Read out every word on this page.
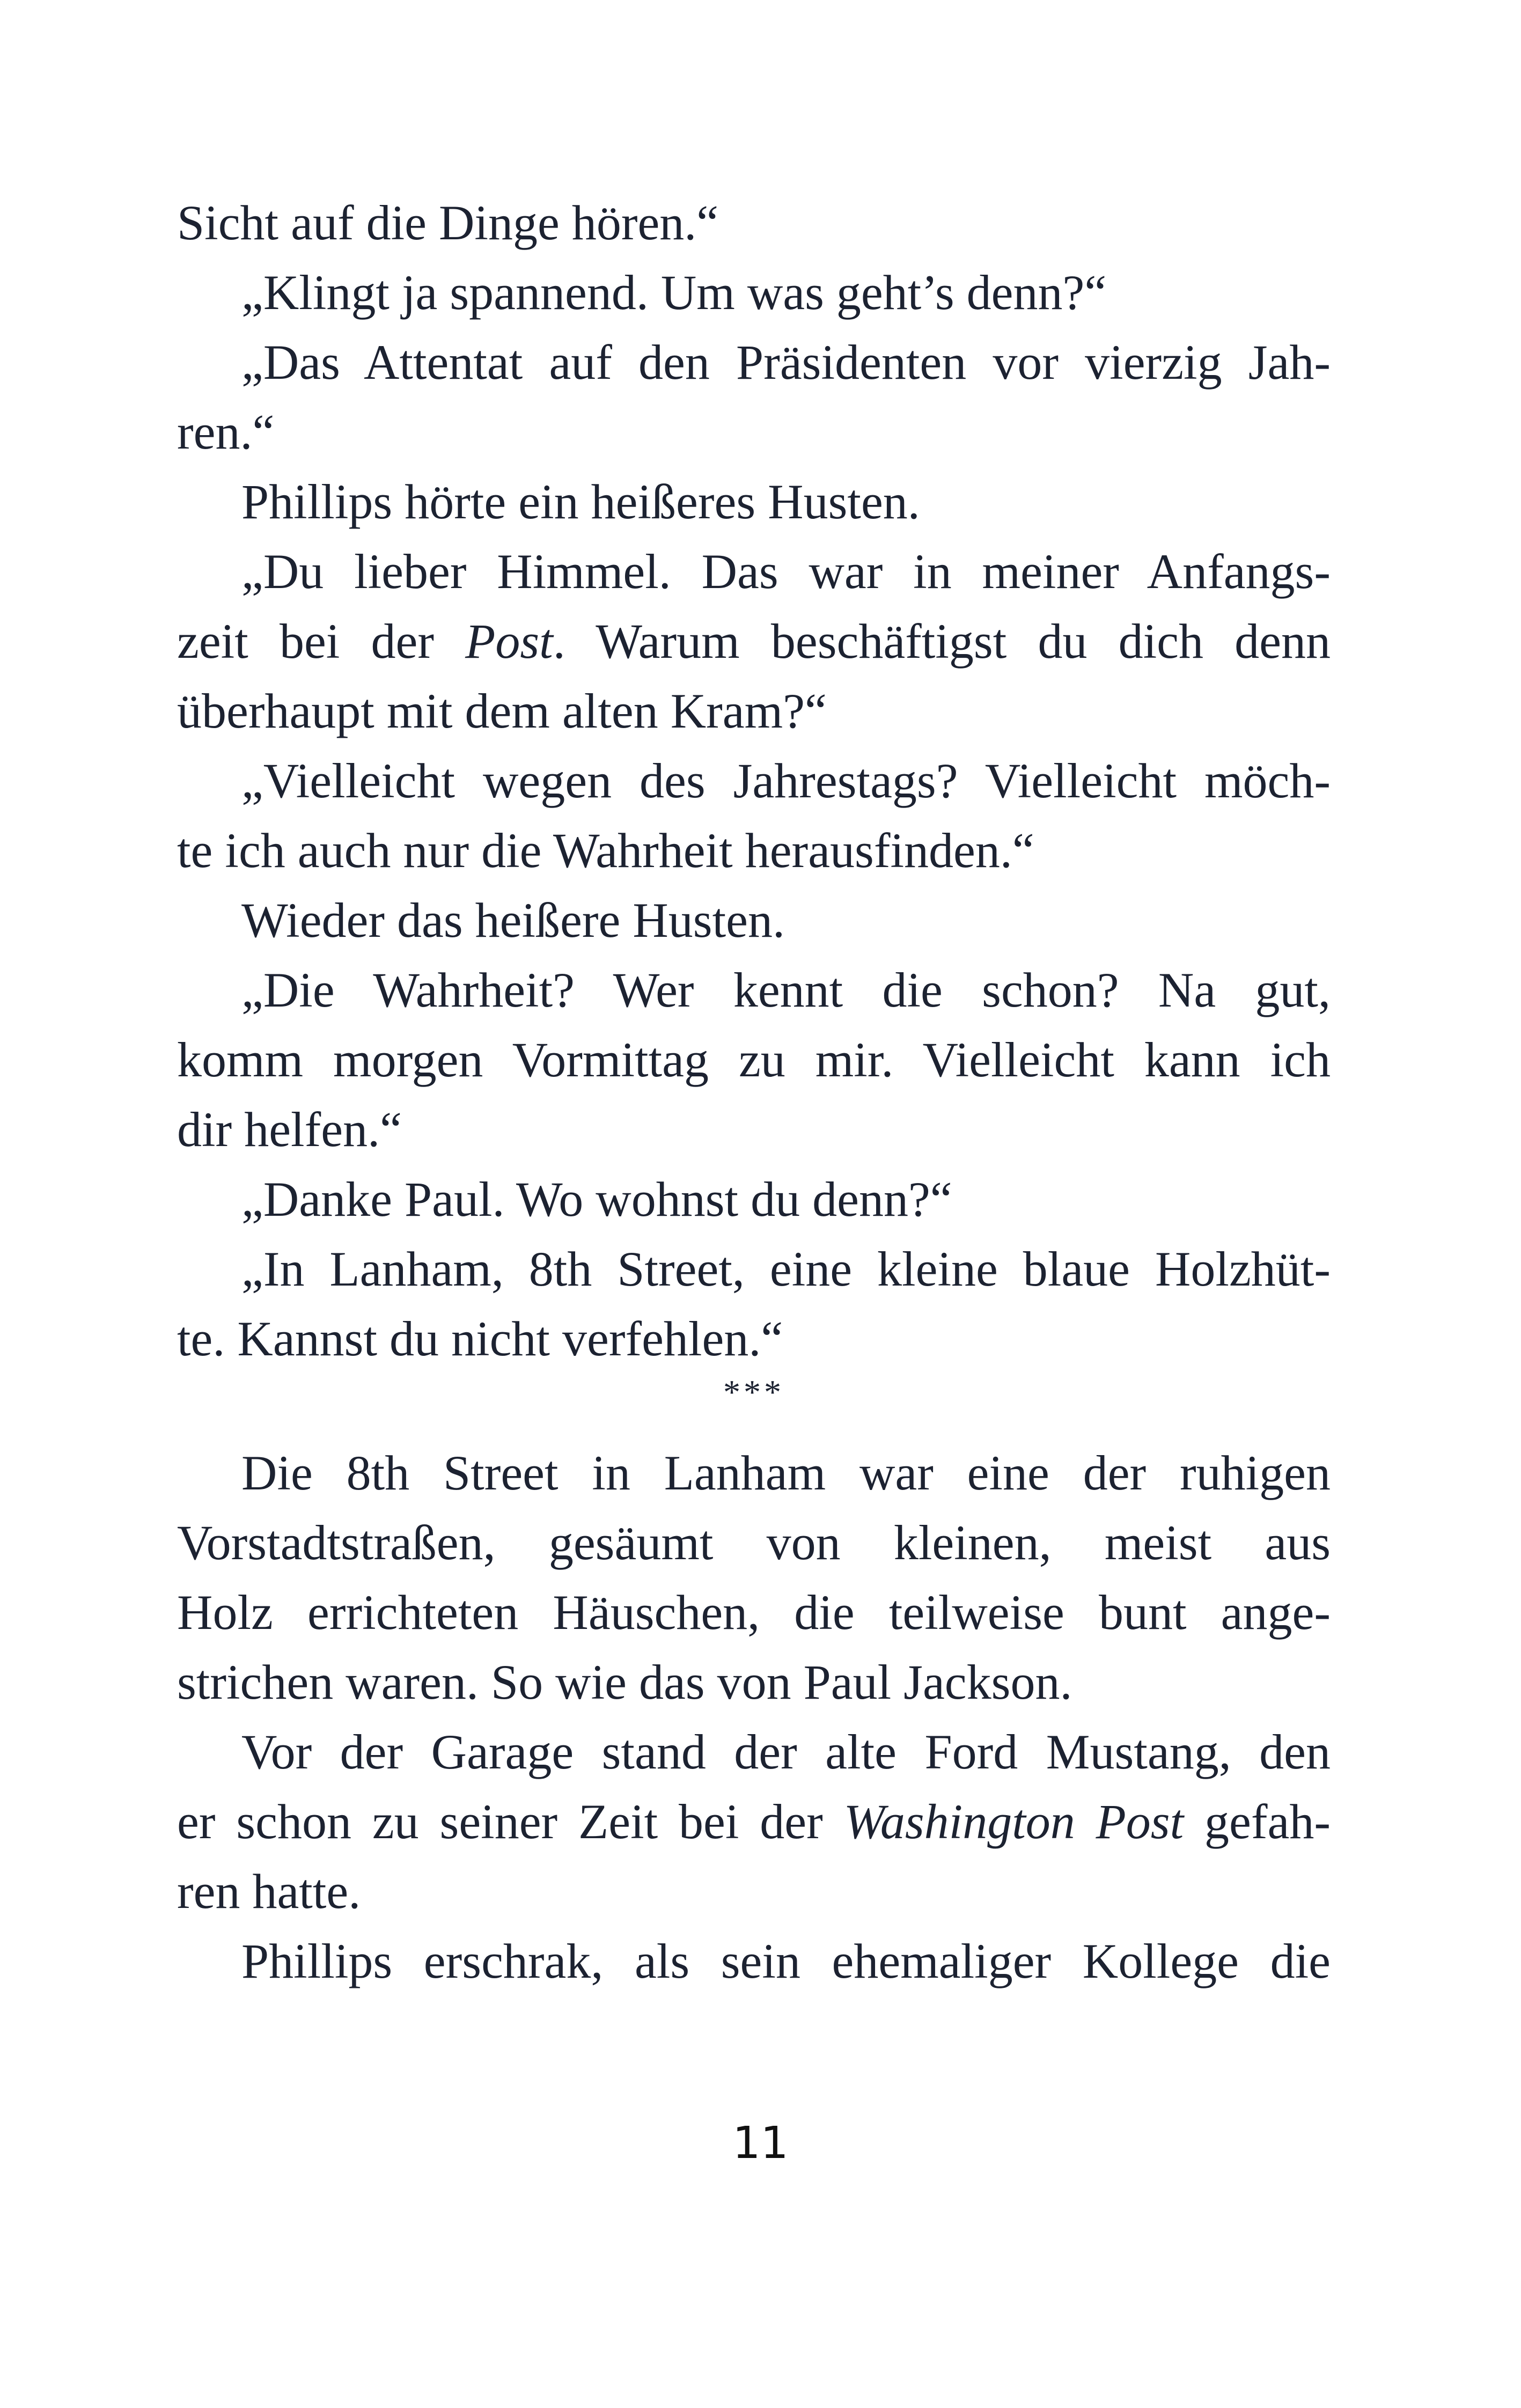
Sicht auf die Dinge hören.“
„Klingt ja spannend. Um was geht’s denn?“
„Das Attentat auf den Präsidenten vor vierzig Jah-
ren.“
Phillips hörte ein heißeres Husten.
„Du lieber Himmel. Das war in meiner Anfangs-
zeit bei der Post. Warum beschäftigst du dich denn
überhaupt mit dem alten Kram?“
„Vielleicht wegen des Jahrestags? Vielleicht möch-
te ich auch nur die Wahrheit herausfinden.“
Wieder das heißere Husten.
„Die Wahrheit? Wer kennt die schon? Na gut,
komm morgen Vormittag zu mir. Vielleicht kann ich
dir helfen.“
„Danke Paul. Wo wohnst du denn?“
„In Lanham, 8th Street, eine kleine blaue Holzhüt-
te. Kannst du nicht verfehlen.“
***
Die 8th Street in Lanham war eine der ruhigen
Vorstadtstraßen, gesäumt von kleinen, meist aus
Holz errichteten Häuschen, die teilweise bunt ange-
strichen waren. So wie das von Paul Jackson.
Vor der Garage stand der alte Ford Mustang, den
er schon zu seiner Zeit bei der Washington Post gefah-
ren hatte.
Phillips erschrak, als sein ehemaliger Kollege die
11
